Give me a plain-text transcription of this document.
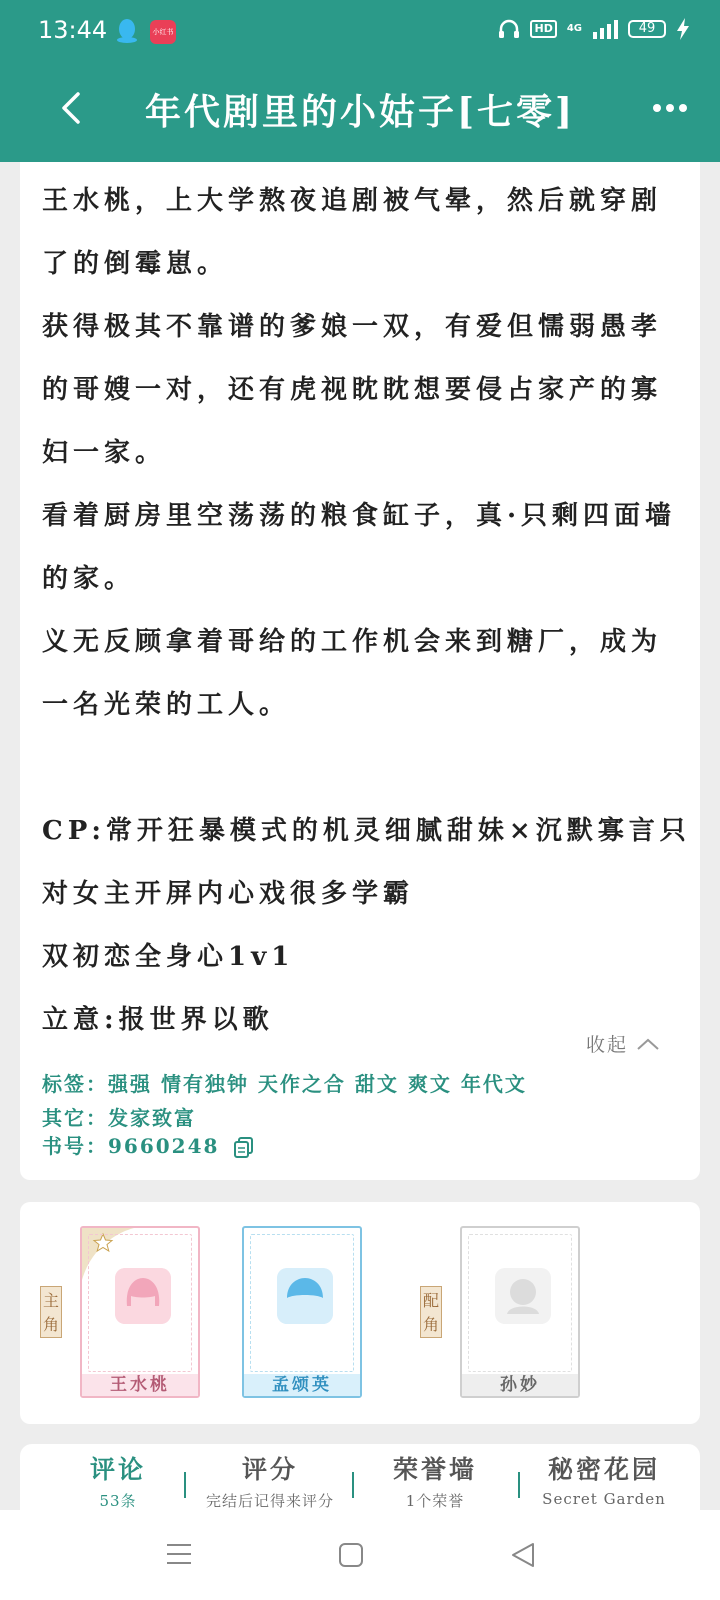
13:44	小红书	HD	4G	49
年代剧里的小姑子[七零]

王水桃，上大学熬夜追剧被气晕，然后就穿剧了的倒霉崽。

获得极其不靠谱的爹娘一双，有爱但懦弱愚孝的哥嫂一对，还有虎视眈眈想要侵占家产的寡妇一家。

看着厨房里空荡荡的粮食缸子，真·只剩四面墙的家。

义无反顾拿着哥给的工作机会来到糖厂，成为一名光荣的工人。

CP:常开狂暴模式的机灵细腻甜妹×沉默寡言只对女主开屏内心戏很多学霸

双初恋全身心1v1

立意:报世界以歌

收起
标签：强强 情有独钟 天作之合 甜文 爽文 年代文
其它：发家致富
书号：9660248
主角
王水桃	孟颂英
配角
孙妙
评论
53条
评分
完结后记得来评分
荣誉墙
1个荣誉
秘密花园
Secret Garden
